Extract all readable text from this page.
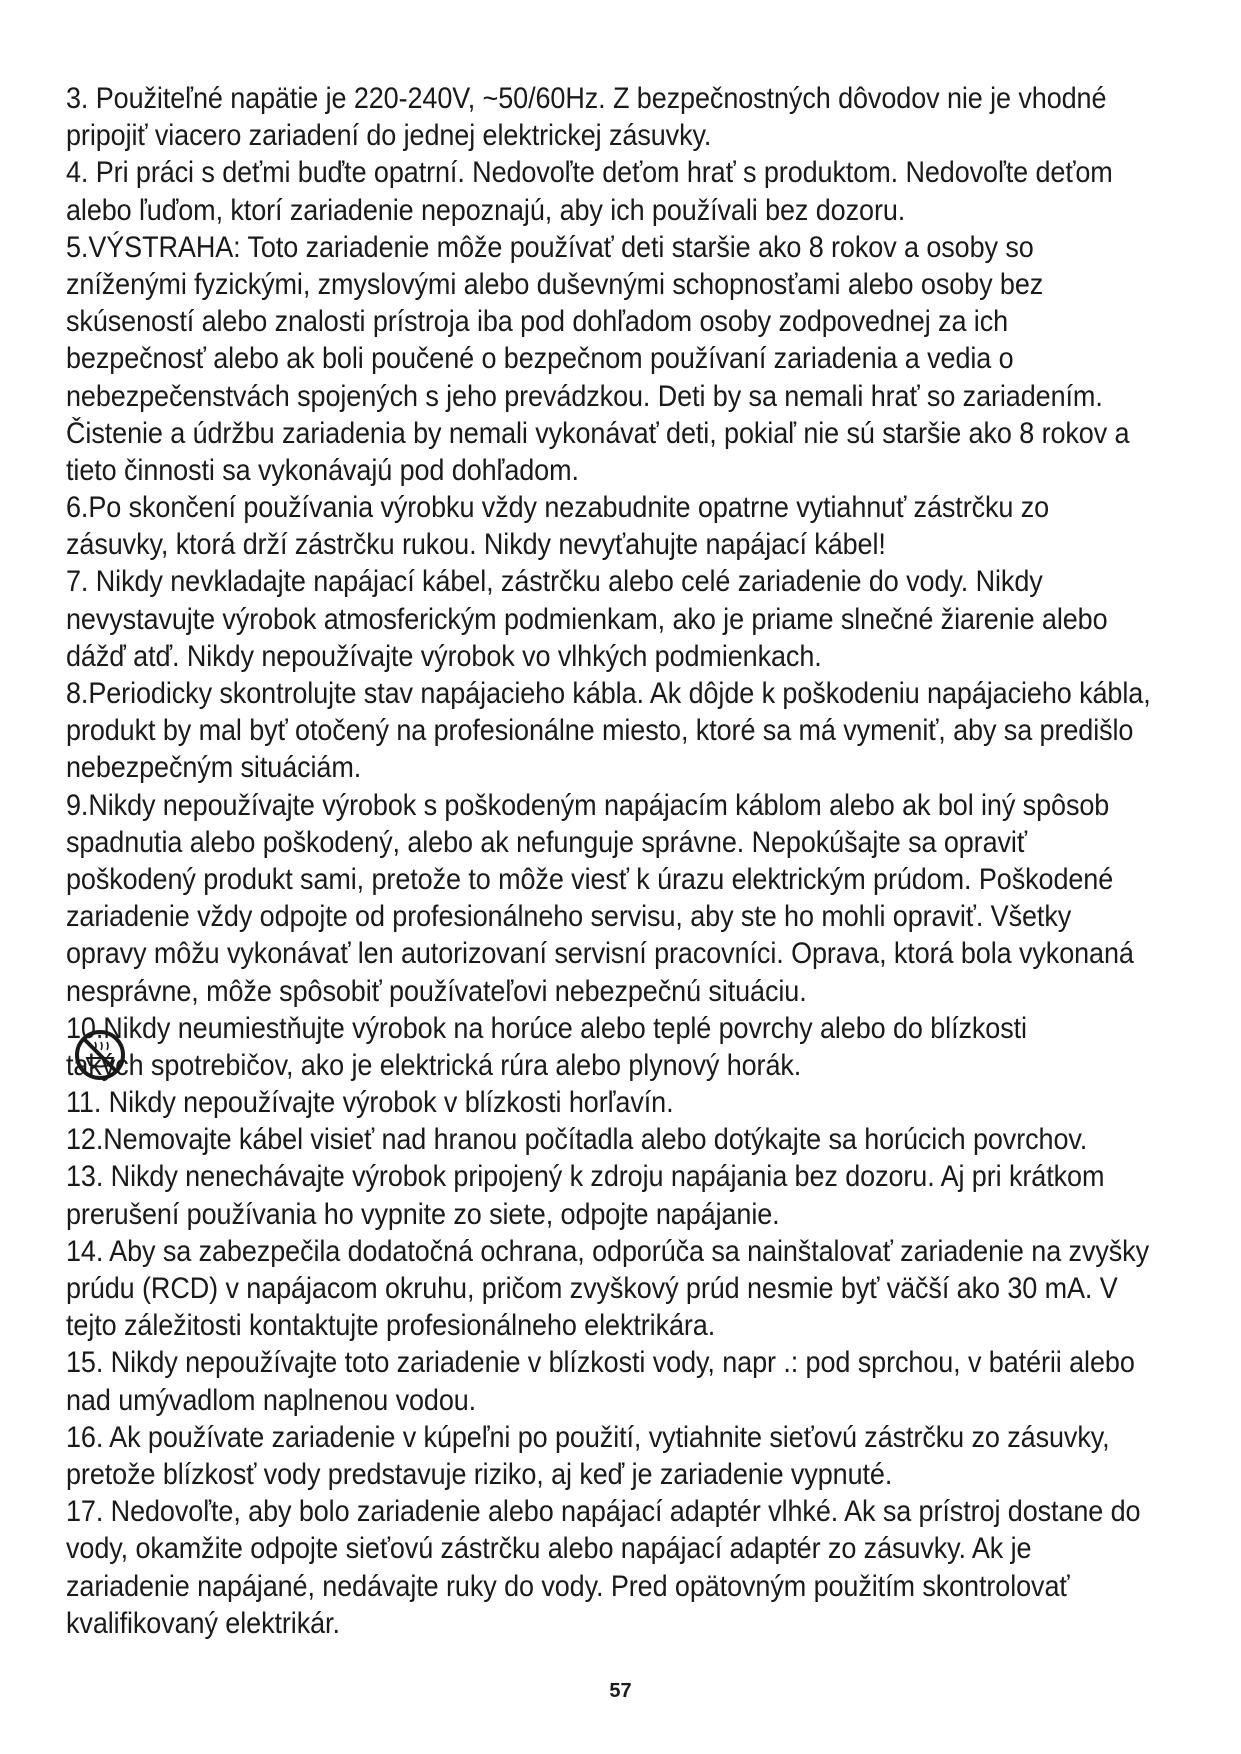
3. Použiteľné napätie je 220-240V, ~50/60Hz. Z bezpečnostných dôvodov nie je vhodné
pripojiť viacero zariadení do jednej elektrickej zásuvky.
4. Pri práci s deťmi buďte opatrní. Nedovoľte deťom hrať s produktom. Nedovoľte deťom
alebo ľuďom, ktorí zariadenie nepoznajú, aby ich používali bez dozoru.
5.VÝSTRAHA: Toto zariadenie môže používať deti staršie ako 8 rokov a osoby so
zníženými fyzickými, zmyslovými alebo duševnými schopnosťami alebo osoby bez
skúseností alebo znalosti prístroja iba pod dohľadom osoby zodpovednej za ich
bezpečnosť alebo ak boli poučené o bezpečnom používaní zariadenia a vedia o
nebezpečenstvách spojených s jeho prevádzkou. Deti by sa nemali hrať so zariadením.
Čistenie a údržbu zariadenia by nemali vykonávať deti, pokiaľ nie sú staršie ako 8 rokov a
tieto činnosti sa vykonávajú pod dohľadom.
6.Po skončení používania výrobku vždy nezabudnite opatrne vytiahnuť zástrčku zo
zásuvky, ktorá drží zástrčku rukou. Nikdy nevyťahujte napájací kábel!
7. Nikdy nevkladajte napájací kábel, zástrčku alebo celé zariadenie do vody. Nikdy
nevystavujte výrobok atmosferickým podmienkam, ako je priame slnečné žiarenie alebo
dážď atď. Nikdy nepoužívajte výrobok vo vlhkých podmienkach.
8.Periodicky skontrolujte stav napájacieho kábla. Ak dôjde k poškodeniu napájacieho kábla,
produkt by mal byť otočený na profesionálne miesto, ktoré sa má vymeniť, aby sa predišlo
nebezpečným situáciám.
9.Nikdy nepoužívajte výrobok s poškodeným napájacím káblom alebo ak bol iný spôsob
spadnutia alebo poškodený, alebo ak nefunguje správne. Nepokúšajte sa opraviť
poškodený produkt sami, pretože to môže viesť k úrazu elektrickým prúdom. Poškodené
zariadenie vždy odpojte od profesionálneho servisu, aby ste ho mohli opraviť. Všetky
opravy môžu vykonávať len autorizovaní servisní pracovníci. Oprava, ktorá bola vykonaná
nesprávne, môže spôsobiť používateľovi nebezpečnú situáciu.
10.Nikdy neumiestňujte výrobok na horúce alebo teplé povrchy alebo do blízkosti
takých spotrebičov, ako je elektrická rúra alebo plynový horák.
11. Nikdy nepoužívajte výrobok v blízkosti horľavín.
12.Nemovajte kábel visieť nad hranou počítadla alebo dotýkajte sa horúcich povrchov.
13. Nikdy nenechávajte výrobok pripojený k zdroju napájania bez dozoru. Aj pri krátkom
prerušení používania ho vypnite zo siete, odpojte napájanie.
14. Aby sa zabezpečila dodatočná ochrana, odporúča sa nainštalovať zariadenie na zvyšky
prúdu (RCD) v napájacom okruhu, pričom zvyškový prúd nesmie byť väčší ako 30 mA. V
tejto záležitosti kontaktujte profesionálneho elektrikára.
15. Nikdy nepoužívajte toto zariadenie v blízkosti vody, napr .: pod sprchou, v batérii alebo
nad umývadlom naplnenou vodou.
16. Ak používate zariadenie v kúpeľni po použití, vytiahnite sieťovú zástrčku zo zásuvky,
pretože blízkosť vody predstavuje riziko, aj keď je zariadenie vypnuté.
17. Nedovoľte, aby bolo zariadenie alebo napájací adaptér vlhké. Ak sa prístroj dostane do
vody, okamžite odpojte sieťovú zástrčku alebo napájací adaptér zo zásuvky. Ak je
zariadenie napájané, nedávajte ruky do vody. Pred opätovným použitím skontrolovať
kvalifikovaný elektrikár.
57
